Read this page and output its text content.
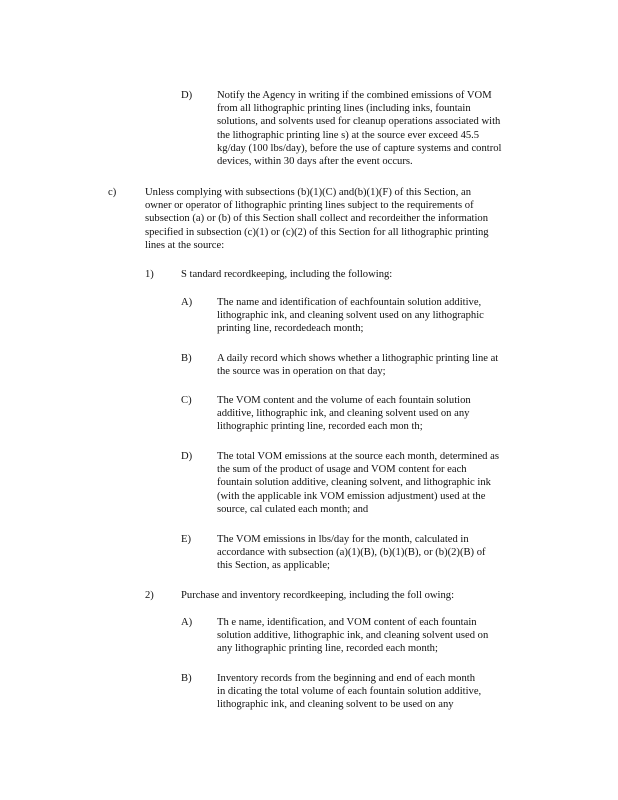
D) Notify the Agency in writing if the combined emissions of VOM
from all lithographic printing lines (including inks, fountain
solutions, and solvents used for cleanup operations associated with
the lithographic printing line s) at the source ever exceed 45.5
kg/day (100 lbs/day), before the use of capture systems and control
devices, within 30 days after the event occurs.
c)	Unless complying with subsections (b)(1)(C) and(b)(1)(F) of this Section, an
owner or operator of lithographic printing lines subject to the requirements of
subsection (a) or (b) of this Section shall collect and recordeither the information
specified in subsection (c)(1) or (c)(2) of this Section for all lithographic printing
lines at the source:
1)	S tandard recordkeeping, including the following:
A) The name and identification of eachfountain solution additive,
lithographic ink, and cleaning solvent used on any lithographic
printing line, recordedeach month;
B) A daily record which shows whether a lithographic printing line at
the source was in operation on that day;
C) The VOM content and the volume of each fountain solution
additive, lithographic ink, and cleaning solvent used on any
lithographic printing line, recorded each mon th;
D) The total VOM emissions at the source each month, determined as
the sum of the product of usage and VOM content for each
fountain solution additive, cleaning solvent, and lithographic ink
(with the applicable ink VOM emission adjustment) used at the
source, cal culated each month; and
E) The VOM emissions in lbs/day for the month, calculated in
accordance with subsection (a)(1)(B), (b)(1)(B), or (b)(2)(B) of
this Section, as applicable;
2)	Purchase and inventory recordkeeping, including the foll owing:
A) Th e name, identification, and VOM content of each fountain
solution additive, lithographic ink, and cleaning solvent used on
any lithographic printing line, recorded each month;
B) Inventory records from the beginning and end of each month
in dicating the total volume of each fountain solution additive,
lithographic ink, and cleaning solvent to be used on any
